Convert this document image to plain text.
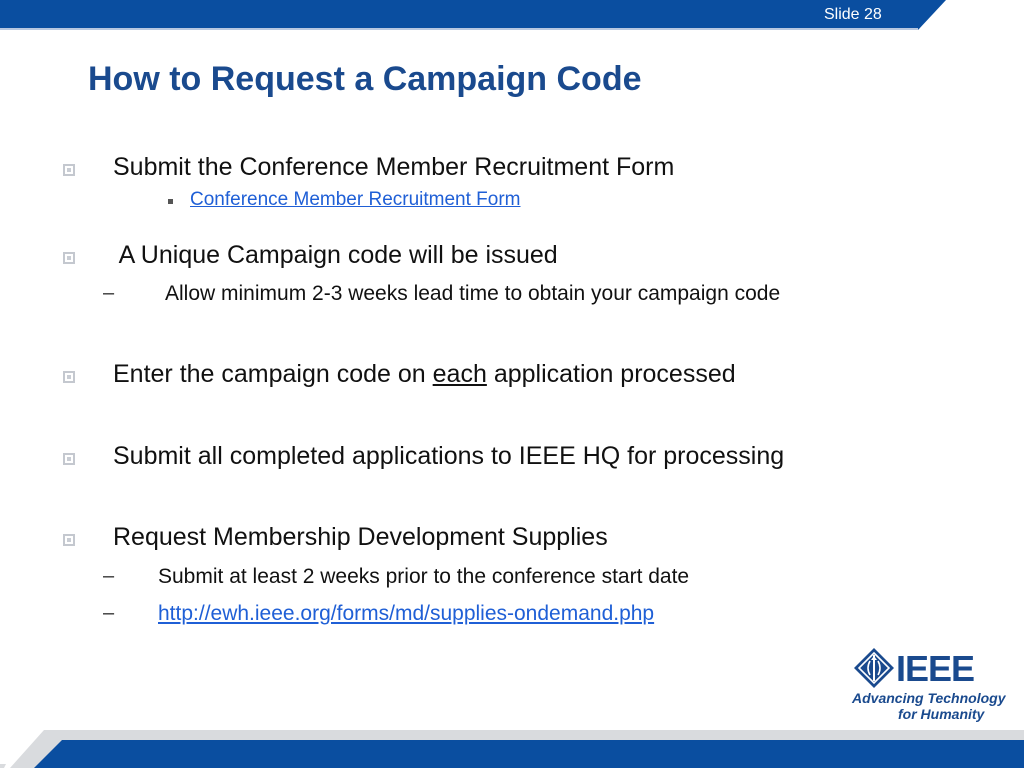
Slide 28
How to Request a Campaign Code
Submit the Conference Member Recruitment Form
Conference Member Recruitment Form
A Unique Campaign code will be issued
– Allow minimum 2-3 weeks lead time to obtain your campaign code
Enter the campaign code on each application processed
Submit all completed applications to IEEE HQ for processing
Request Membership Development Supplies
– Submit at least 2 weeks prior to the conference start date
– http://ewh.ieee.org/forms/md/supplies-ondemand.php
IEEE
Advancing Technology
for Humanity
